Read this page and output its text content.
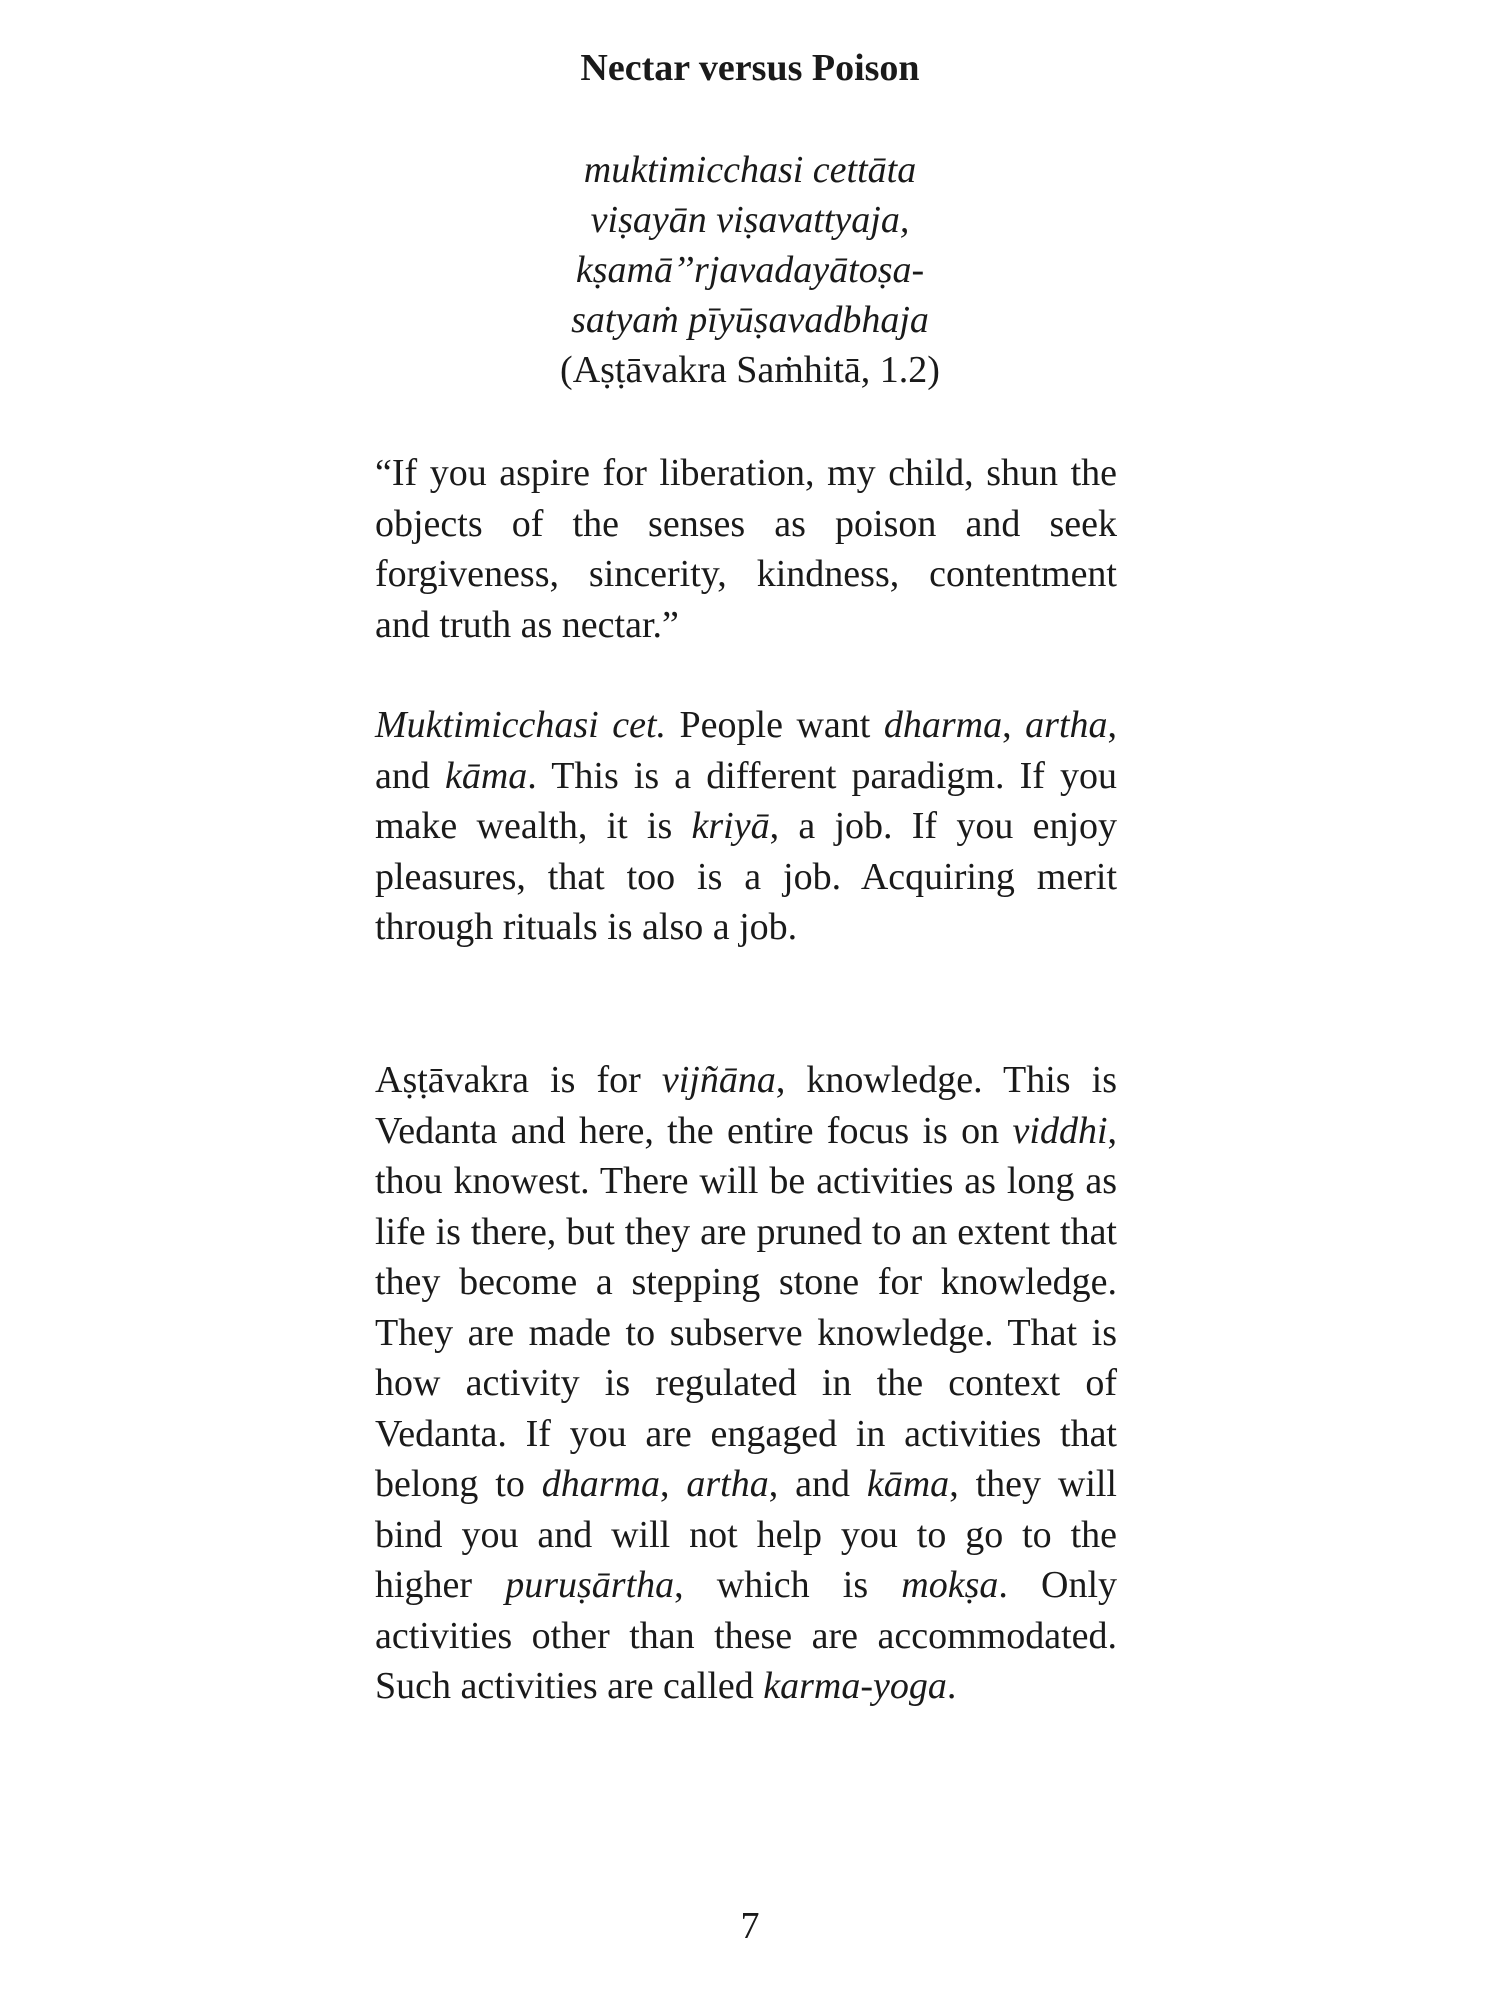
Nectar versus Poison
muktimicchasi cettāta
viṣayān viṣavattyaja,
kṣamā’’rjavadayātoṣa-
satyaṁ pīyūṣavadbhaja
(Aṣṭāvakra Saṁhitā, 1.2)

“If you aspire for liberation, my child, shun the objects of the senses as poison and seek forgiveness, sincerity, kindness, contentment and truth as nectar.”

Muktimicchasi cet. People want dharma, artha, and kāma. This is a different paradigm. If you make wealth, it is kriyā, a job. If you enjoy pleasures, that too is a job. Acquiring merit through rituals is also a job.

Aṣṭāvakra is for vijñāna, knowledge. This is Vedanta and here, the entire focus is on viddhi, thou knowest. There will be activities as long as life is there, but they are pruned to an extent that they become a stepping stone for knowledge. They are made to subserve knowledge. That is how activity is regulated in the context of Vedanta. If you are engaged in activities that belong to dharma, artha, and kāma, they will bind you and will not help you to go to the higher puruṣārtha, which is mokṣa. Only activities other than these are accommodated. Such activities are called karma-yoga.

7
